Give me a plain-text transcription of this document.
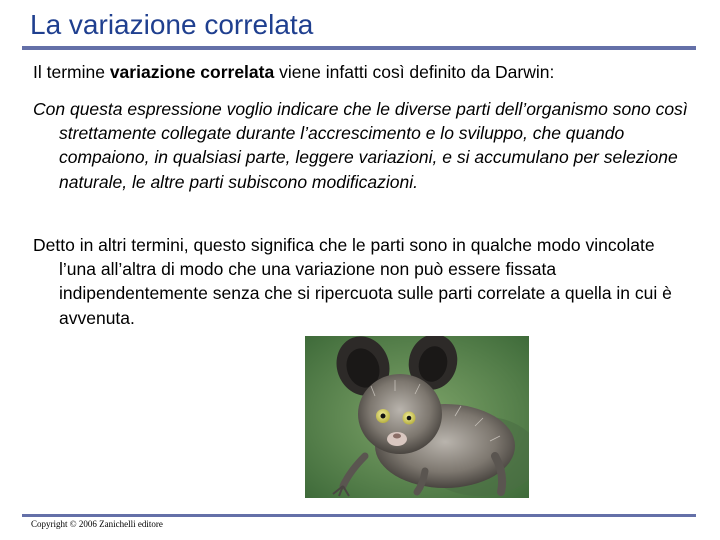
La variazione correlata
Il termine variazione correlata viene infatti così definito da Darwin:
Con questa espressione voglio indicare che le diverse parti dell’organismo sono così strettamente collegate durante l’accrescimento e lo sviluppo, che quando compaiono, in qualsiasi parte, leggere variazioni, e si accumulano per selezione naturale, le altre parti subiscono modificazioni.
Detto in altri termini, questo significa che le parti sono in qualche modo vincolate l’una all’altra di modo che una variazione non può essere fissata indipendentemente senza che si ripercuota sulle parti correlate a quella in cui è avvenuta.
Copyright © 2006 Zanichelli editore
